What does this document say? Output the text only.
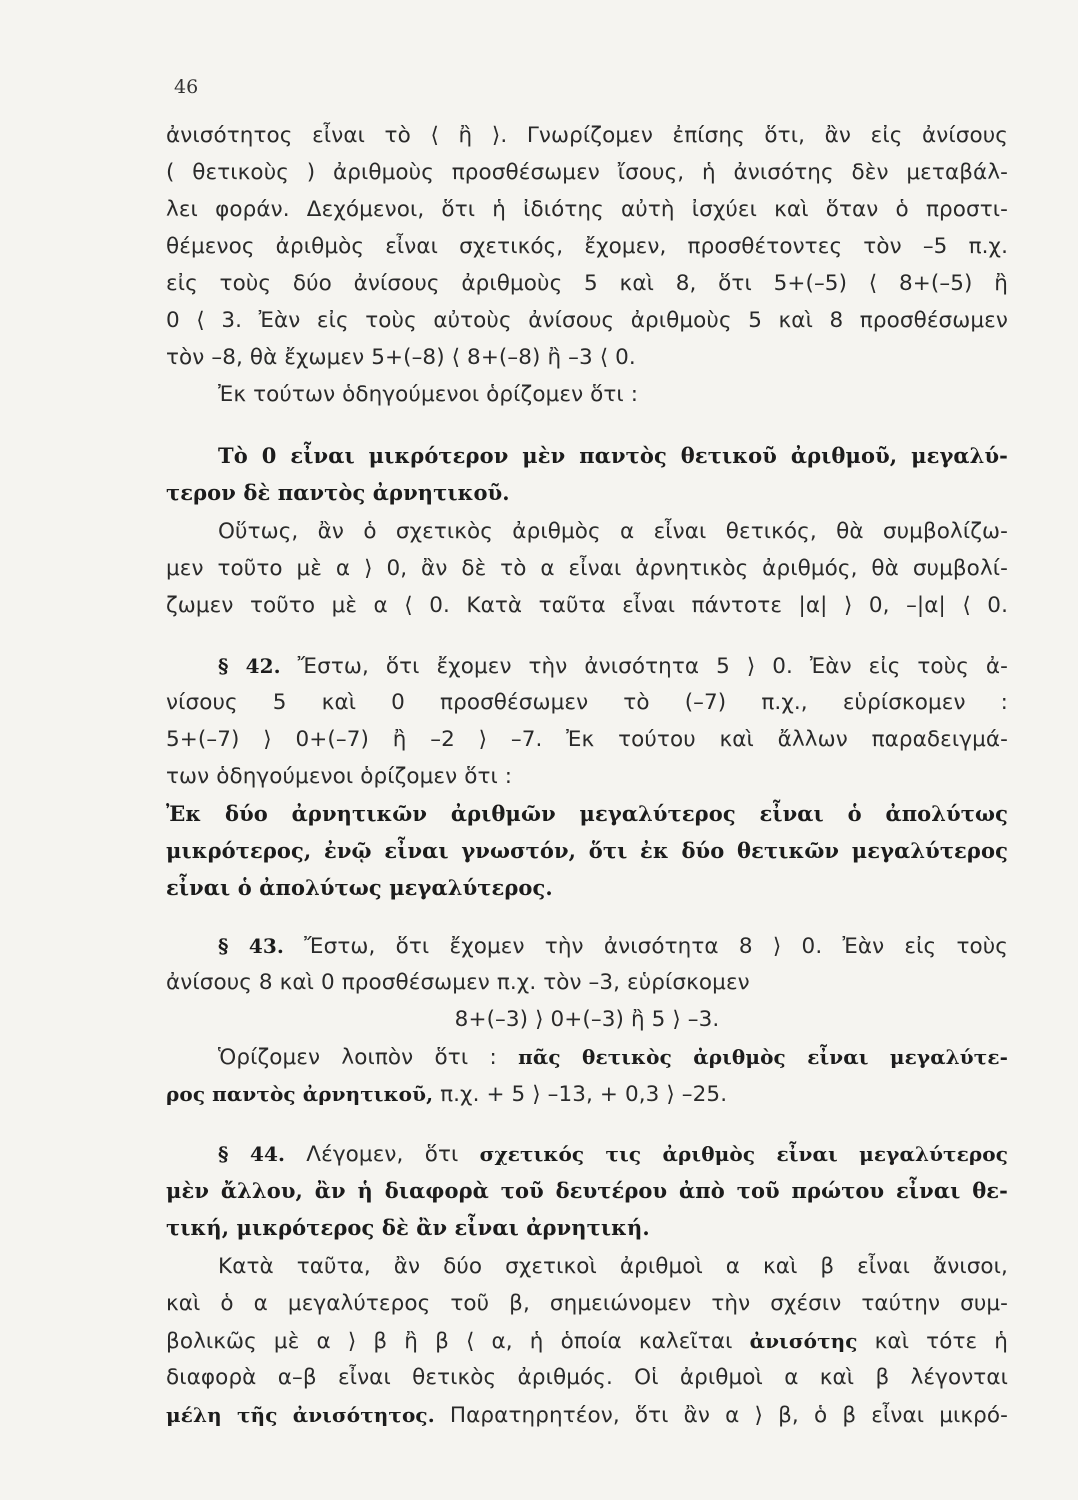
46
ἀνισότητος εἶναι τὸ ⟨ ἢ ⟩. Γνωρίζομεν ἐπίσης ὅτι, ἂν εἰς ἀνίσους
( θετικοὺς ) ἀριθμοὺς προσθέσωμεν ἴσους, ἡ ἀνισότης δὲν μεταβάλ-
λει φοράν. Δεχόμενοι, ὅτι ἡ ἰδιότης αὐτὴ ἰσχύει καὶ ὅταν ὁ προστι-
θέμενος ἀριθμὸς εἶναι σχετικός, ἔχομεν, προσθέτοντες τὸν –5 π.χ.
εἰς τοὺς δύο ἀνίσους ἀριθμοὺς 5 καὶ 8, ὅτι 5+(–5) ⟨ 8+(–5) ἢ
0 ⟨ 3. Ἐὰν εἰς τοὺς αὐτοὺς ἀνίσους ἀριθμοὺς 5 καὶ 8 προσθέσωμεν
τὸν –8, θὰ ἔχωμεν 5+(–8) ⟨ 8+(–8) ἢ –3 ⟨ 0.
Ἐκ τούτων ὁδηγούμενοι ὁρίζομεν ὅτι :
Τὸ 0 εἶναι μικρότερον μὲν παντὸς θετικοῦ ἀριθμοῦ, μεγαλύ-
τερον δὲ παντὸς ἀρνητικοῦ.
Οὕτως, ἂν ὁ σχετικὸς ἀριθμὸς α εἶναι θετικός, θὰ συμβολίζω-
μεν τοῦτο μὲ α ⟩ 0, ἂν δὲ τὸ α εἶναι ἀρνητικὸς ἀριθμός, θὰ συμβολί-
ζωμεν τοῦτο μὲ α ⟨ 0. Κατὰ ταῦτα εἶναι πάντοτε |α| ⟩ 0, –|α| ⟨ 0.
§ 42. Ἔστω, ὅτι ἔχομεν τὴν ἀνισότητα 5 ⟩ 0. Ἐὰν εἰς τοὺς ἀ-
νίσους 5 καὶ 0 προσθέσωμεν τὸ (–7) π.χ., εὑρίσκομεν :
5+(–7) ⟩ 0+(–7) ἢ –2 ⟩ –7. Ἐκ τούτου καὶ ἄλλων παραδειγμά-
των ὁδηγούμενοι ὁρίζομεν ὅτι :
Ἐκ δύο ἀρνητικῶν ἀριθμῶν μεγαλύτερος εἶναι ὁ ἀπολύτως
μικρότερος, ἐνῷ εἶναι γνωστόν, ὅτι ἐκ δύο θετικῶν μεγαλύτερος
εἶναι ὁ ἀπολύτως μεγαλύτερος.
§ 43. Ἔστω, ὅτι ἔχομεν τὴν ἀνισότητα 8 ⟩ 0. Ἐὰν εἰς τοὺς
ἀνίσους 8 καὶ 0 προσθέσωμεν π.χ. τὸν –3, εὑρίσκομεν
8+(–3) ⟩ 0+(–3) ἢ 5 ⟩ –3.
Ὁρίζομεν λοιπὸν ὅτι : πᾶς θετικὸς ἀριθμὸς εἶναι μεγαλύτε-
ρος παντὸς ἀρνητικοῦ, π.χ. + 5 ⟩ –13, + 0,3 ⟩ –25.
§ 44. Λέγομεν, ὅτι σχετικός τις ἀριθμὸς εἶναι μεγαλύτερος
μὲν ἄλλου, ἂν ἡ διαφορὰ τοῦ δευτέρου ἀπὸ τοῦ πρώτου εἶναι θε-
τική, μικρότερος δὲ ἂν εἶναι ἀρνητική.
Κατὰ ταῦτα, ἂν δύο σχετικοὶ ἀριθμοὶ α καὶ β εἶναι ἄνισοι,
καὶ ὁ α μεγαλύτερος τοῦ β, σημειώνομεν τὴν σχέσιν ταύτην συμ-
βολικῶς μὲ α ⟩ β ἢ β ⟨ α, ἡ ὁποία καλεῖται ἀνισότης καὶ τότε ἡ
διαφορὰ α–β εἶναι θετικὸς ἀριθμός. Οἱ ἀριθμοὶ α καὶ β λέγονται
μέλη τῆς ἀνισότητος. Παρατηρητέον, ὅτι ἂν α ⟩ β, ὁ β εἶναι μικρό-
